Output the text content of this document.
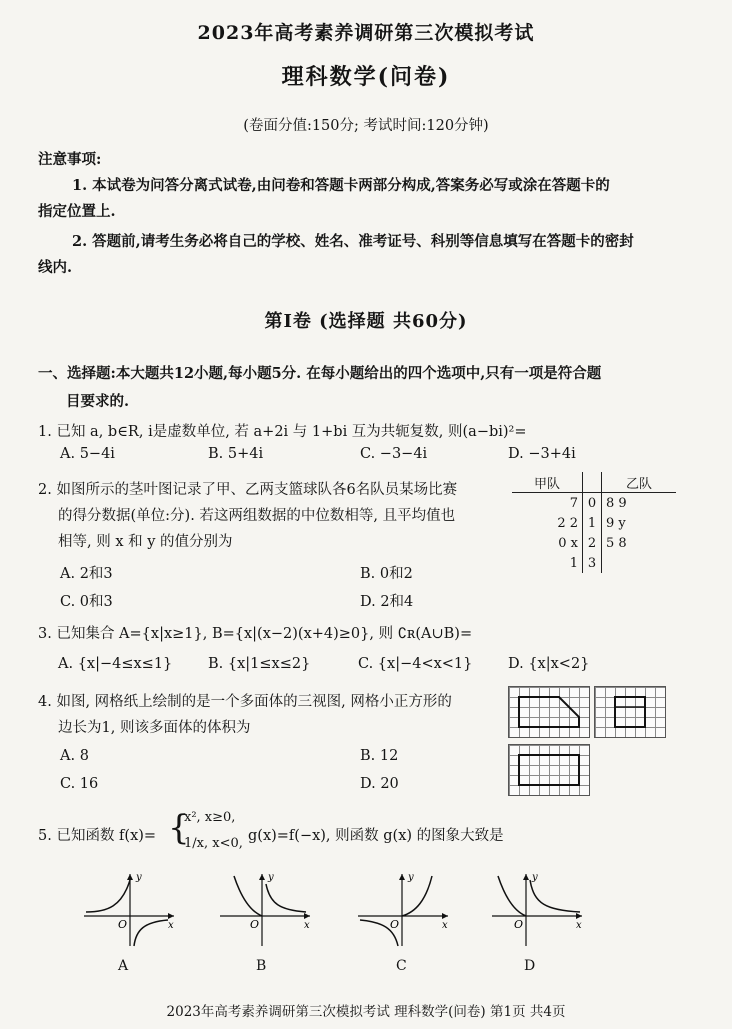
2023年高考素养调研第三次模拟考试
理科数学(问卷)
(卷面分值:150分; 考试时间:120分钟)
注意事项:
1. 本试卷为问答分离式试卷,由问卷和答题卡两部分构成,答案务必写或涂在答题卡的
指定位置上.
2. 答题前,请考生务必将自己的学校、姓名、准考证号、科别等信息填写在答题卡的密封
线内.
第Ⅰ卷 (选择题 共60分)
一、选择题:本大题共12小题,每小题5分. 在每小题给出的四个选项中,只有一项是符合题
目要求的.
1. 已知 a, b∈R, i是虚数单位, 若 a+2i 与 1+bi 互为共轭复数, 则(a−bi)²=
A. 5−4i	B. 5+4i	C. −3−4i	D. −3+4i
2. 如图所示的茎叶图记录了甲、乙两支篮球队各6名队员某场比赛
的得分数据(单位:分). 若这两组数据的中位数相等, 且平均值也
相等, 则 x 和 y 的值分别为
A. 2和3	B. 0和2
C. 0和3	D. 2和4
甲队		乙队
7	0	8 9
2 2	1	9 y
0 x	2	5 8
1	3	
3. 已知集合 A={x|x≥1}, B={x|(x−2)(x+4)≥0}, 则 ∁ʀ(A∪B)=
A. {x|−4≤x≤1} B. {x|1≤x≤2}	C. {x|−4<x<1} D. {x|x<2}
4. 如图, 网格纸上绘制的是一个多面体的三视图, 网格小正方形的
边长为1, 则该多面体的体积为
A. 8	B. 12
C. 16	D. 20
5. 已知函数 f(x)= {
x², x≥0,
1/x, x<0, g(x)=f(−x), 则函数 g(x) 的图象大致是
y
x
O
A
y
x
O
B
y
x
O
C
y
x
O
D
2023年高考素养调研第三次模拟考试 理科数学(问卷) 第1页 共4页
